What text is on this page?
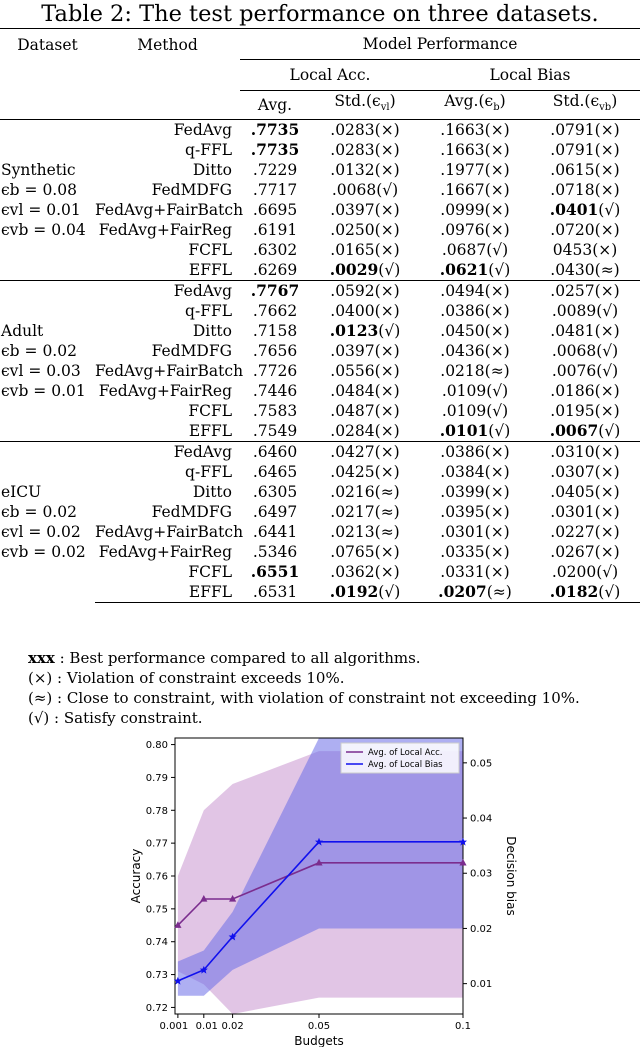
Table 2: The test performance on three datasets.
Dataset	Method	Model Performance			
		Local Acc.		Local Bias	
		Avg.	$Std.(\epsilon_{vl})$	$Avg.(\epsilon_b)$	$Std.(\epsilon_{vb})$

Synthetic
ϵb = 0.08
ϵvl = 0.01
ϵvb = 0.04	FedAvg	.7735	.0283(×)	.1663(×)	.0791(×)
	q-FFL	.7735	.0283(×)	.1663(×)	.0791(×)
	Ditto	.7229	.0132(×)	.1977(×)	.0615(×)
	FedMDFG	.7717	.0068(√)	.1667(×)	.0718(×)
	FedAvg+FairBatch	.6695	.0397(×)	.0999(×)	.0401(√)
	FedAvg+FairReg	.6191	.0250(×)	.0976(×)	.0720(×)
	FCFL	.6302	.0165(×)	.0687(√)	0453(×)
	EFFL	.6269	.0029(√)	.0621(√)	.0430(≈)

Adult
ϵb = 0.02
ϵvl = 0.03
ϵvb = 0.01	FedAvg	.7767	.0592(×)	.0494(×)	.0257(×)
	q-FFL	.7662	.0400(×)	.0386(×)	.0089(√)
	Ditto	.7158	.0123(√)	.0450(×)	.0481(×)
	FedMDFG	.7656	.0397(×)	.0436(×)	.0068(√)
	FedAvg+FairBatch	.7726	.0556(×)	.0218(≈)	.0076(√)
	FedAvg+FairReg	.7446	.0484(×)	.0109(√)	.0186(×)
	FCFL	.7583	.0487(×)	.0109(√)	.0195(×)
	EFFL	.7549	.0284(×)	.0101(√)	.0067(√)

eICU
ϵb = 0.02
ϵvl = 0.02
ϵvb = 0.02	FedAvg	.6460	.0427(×)	.0386(×)	.0310(×)
	q-FFL	.6465	.0425(×)	.0384(×)	.0307(×)
	Ditto	.6305	.0216(≈)	.0399(×)	.0405(×)
	FedMDFG	.6497	.0217(≈)	.0395(×)	.0301(×)
	FedAvg+FairBatch	.6441	.0213(≈)	.0301(×)	.0227(×)
	FedAvg+FairReg	.5346	.0765(×)	.0335(×)	.0267(×)
	FCFL	.6551	.0362(×)	.0331(×)	.0200(√)
	EFFL	.6531	.0192(√)	.0207(≈)	.0182(√)
xxx : Best performance compared to all algorithms.
(×) : Violation of constraint exceeds 10%.
(≈) : Close to constraint, with violation of constraint not exceeding 10%.
(√) : Satisfy constraint.
0.72
0.73
0.74
0.75
0.76
0.77
0.78
0.79
0.80
0.01
0.02
0.03
0.04
0.05
0.001 0.01 0.02	0.05	0.1
Budgets
Accuracy	Decision bias
Avg. of Local Acc.
Avg. of Local Bias
